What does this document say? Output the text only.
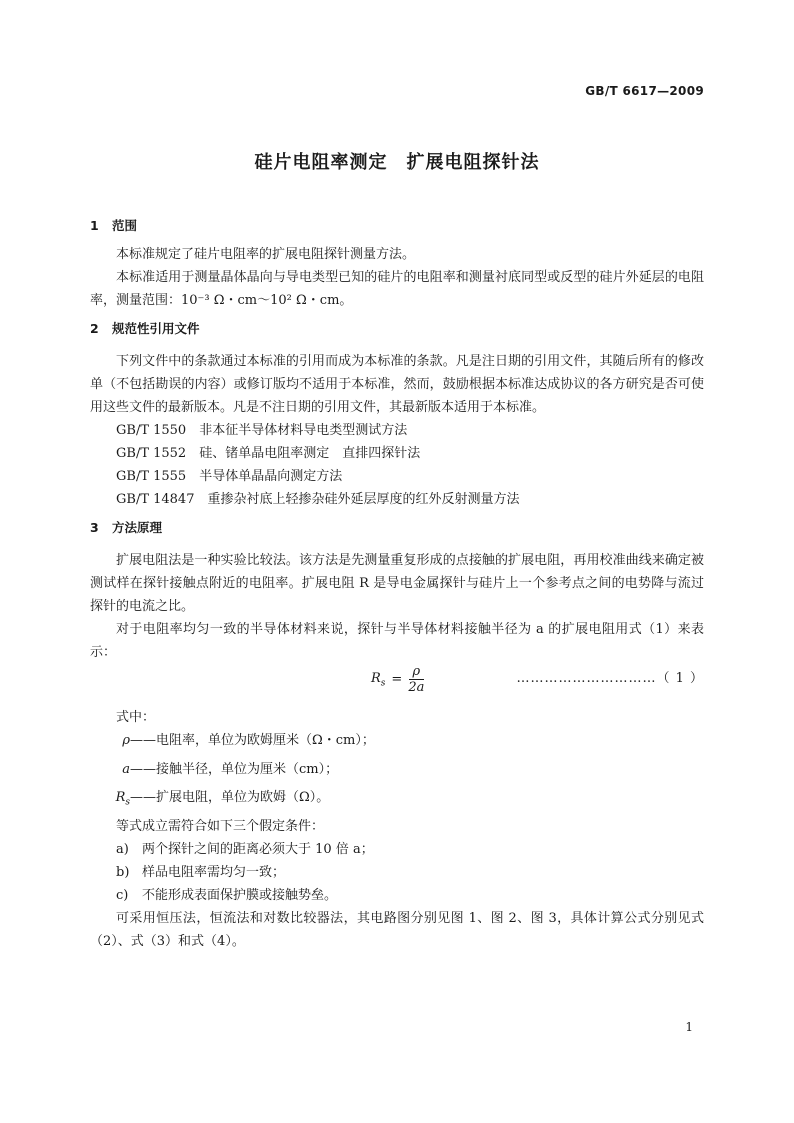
GB/T 6617—2009
硅片电阻率测定　扩展电阻探针法
1 范围

本标准规定了硅片电阻率的扩展电阻探针测量方法。

本标准适用于测量晶体晶向与导电类型已知的硅片的电阻率和测量衬底同型或反型的硅片外延层的电阻率，测量范围：10⁻³ Ω・cm～10² Ω・cm。

2 规范性引用文件

下列文件中的条款通过本标准的引用而成为本标准的条款。凡是注日期的引用文件，其随后所有的修改单（不包括勘误的内容）或修订版均不适用于本标准，然而，鼓励根据本标准达成协议的各方研究是否可使用这些文件的最新版本。凡是不注日期的引用文件，其最新版本适用于本标准。

GB/T 1550　非本征半导体材料导电类型测试方法
GB/T 1552　硅、锗单晶电阻率测定　直排四探针法
GB/T 1555　半导体单晶晶向测定方法
GB/T 14847　重掺杂衬底上轻掺杂硅外延层厚度的红外反射测量方法
3 方法原理

扩展电阻法是一种实验比较法。该方法是先测量重复形成的点接触的扩展电阻，再用校准曲线来确定被测试样在探针接触点附近的电阻率。扩展电阻 R 是导电金属探针与硅片上一个参考点之间的电势降与流过探针的电流之比。

对于电阻率均匀一致的半导体材料来说，探针与半导体材料接触半径为 a 的扩展电阻用式（1）来表示：

$R_s = \frac{\rho}{2a}$	…………………………（ 1 ）
式中：
ρ——电阻率，单位为欧姆厘米（Ω・cm）；
a——接触半径，单位为厘米（cm）；
$R_s——$扩展电阻，单位为欧姆（Ω）。
等式成立需符合如下三个假定条件：
a) 两个探针之间的距离必须大于 10 倍 a；
b) 样品电阻率需均匀一致；
c) 不能形成表面保护膜或接触势垒。

可采用恒压法，恒流法和对数比较器法，其电路图分别见图 1、图 2、图 3，具体计算公式分别见式（2）、式（3）和式（4）。

1
